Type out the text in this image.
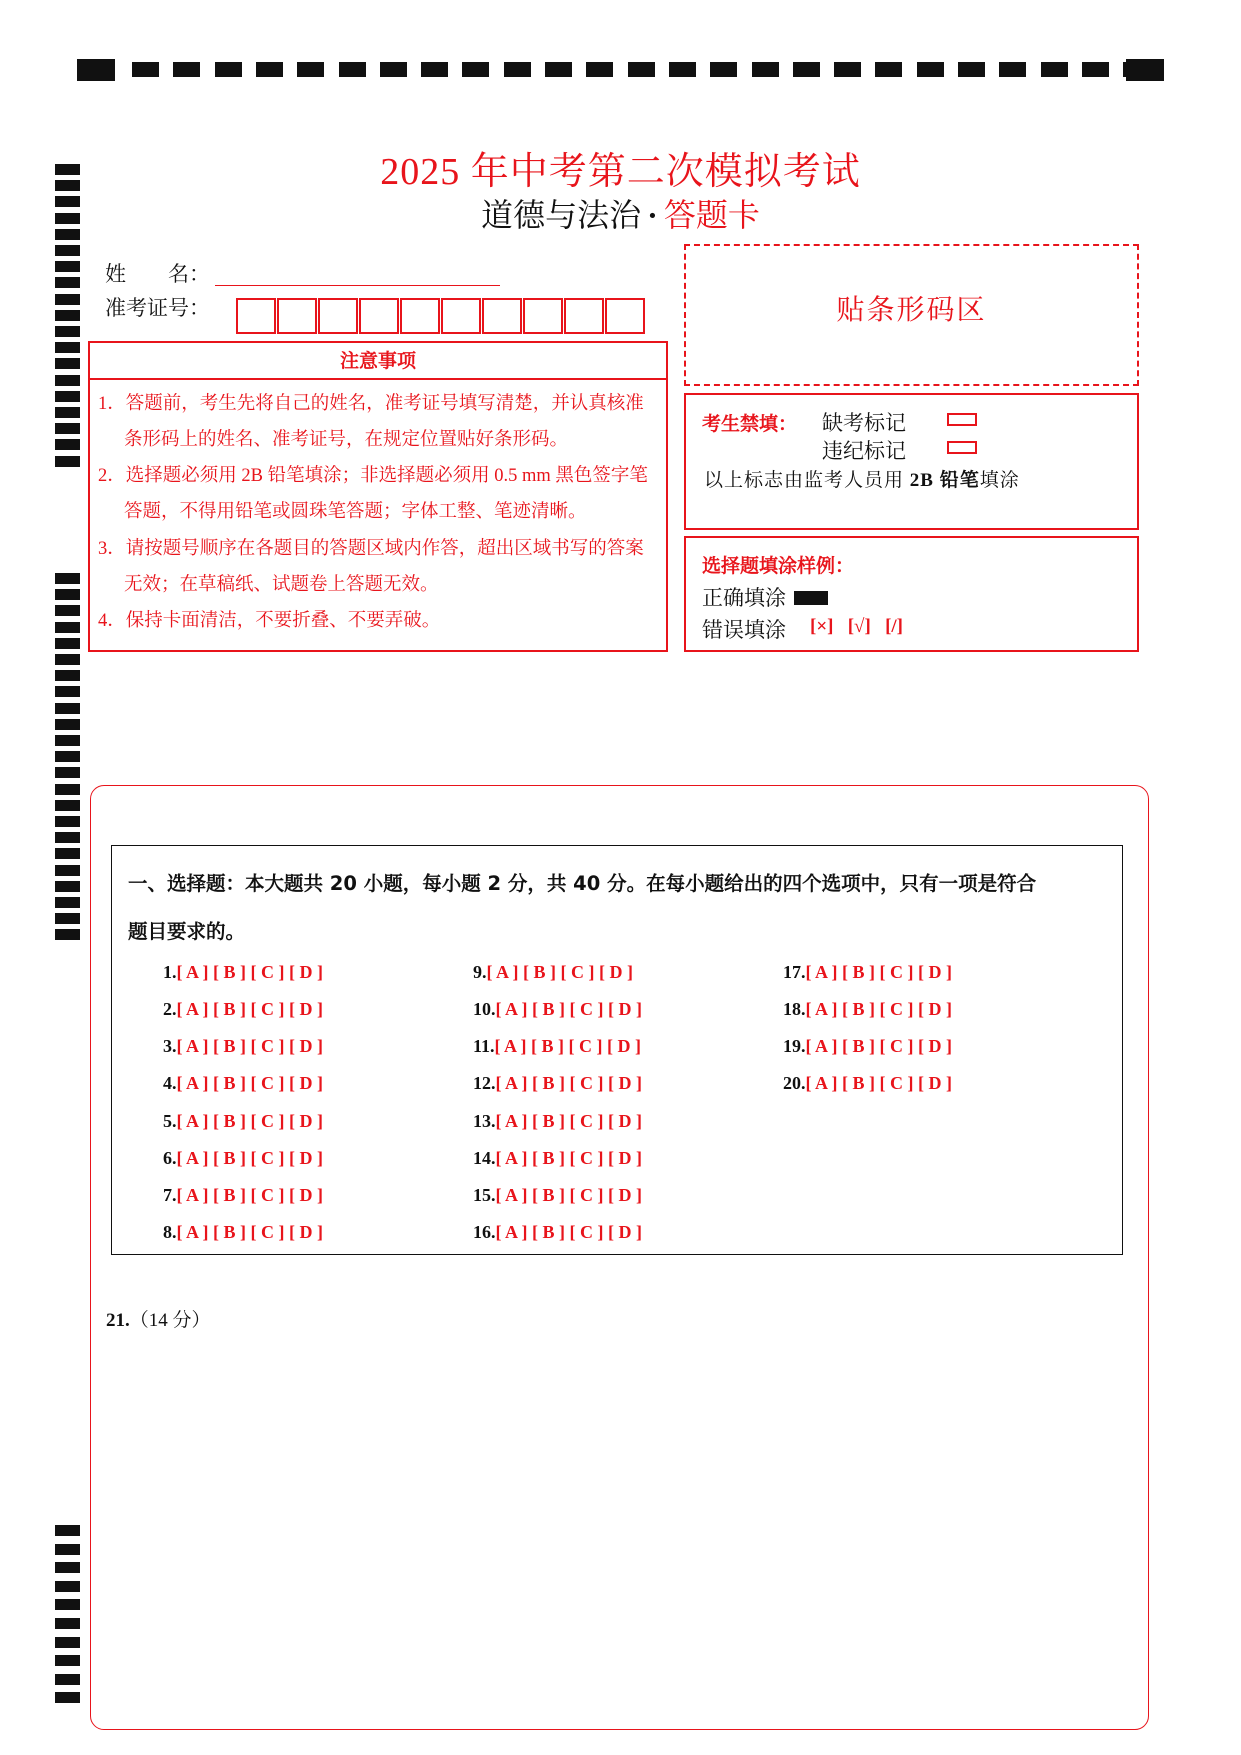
2025 年中考第二次模拟考试
道德与法治 · 答题卡
姓　　名：
准考证号：	贴条形码区
注意事项
1．答题前，考生先将自己的姓名，准考证号填写清楚，并认真核准
条形码上的姓名、准考证号，在规定位置贴好条形码。
2．选择题必须用 2B 铅笔填涂；非选择题必须用 0.5 mm 黑色签字笔
答题，不得用铅笔或圆珠笔答题；字体工整、笔迹清晰。
3．请按题号顺序在各题目的答题区域内作答，超出区域书写的答案
无效；在草稿纸、试题卷上答题无效。
4．保持卡面清洁，不要折叠、不要弄破。
考生禁填： 缺考标记
违纪标记
以上标志由监考人员用 2B 铅笔填涂
选择题填涂样例：
正确填涂
错误填涂 [×] [√] [/]
一、选择题：本大题共 20 小题，每小题 2 分，共 40 分。在每小题给出的四个选项中，只有一项是符合
题目要求的。
1.[ A ] [ B ] [ C ] [ D ]
2.[ A ] [ B ] [ C ] [ D ]
3.[ A ] [ B ] [ C ] [ D ]
4.[ A ] [ B ] [ C ] [ D ]
5.[ A ] [ B ] [ C ] [ D ]
6.[ A ] [ B ] [ C ] [ D ]
7.[ A ] [ B ] [ C ] [ D ]
8.[ A ] [ B ] [ C ] [ D ]
9.[ A ] [ B ] [ C ] [ D ]
10.[ A ] [ B ] [ C ] [ D ]
11.[ A ] [ B ] [ C ] [ D ]
12.[ A ] [ B ] [ C ] [ D ]
13.[ A ] [ B ] [ C ] [ D ]
14.[ A ] [ B ] [ C ] [ D ]
15.[ A ] [ B ] [ C ] [ D ]
16.[ A ] [ B ] [ C ] [ D ]
17.[ A ] [ B ] [ C ] [ D ]
18.[ A ] [ B ] [ C ] [ D ]
19.[ A ] [ B ] [ C ] [ D ]
20.[ A ] [ B ] [ C ] [ D ]
21.（14 分）
